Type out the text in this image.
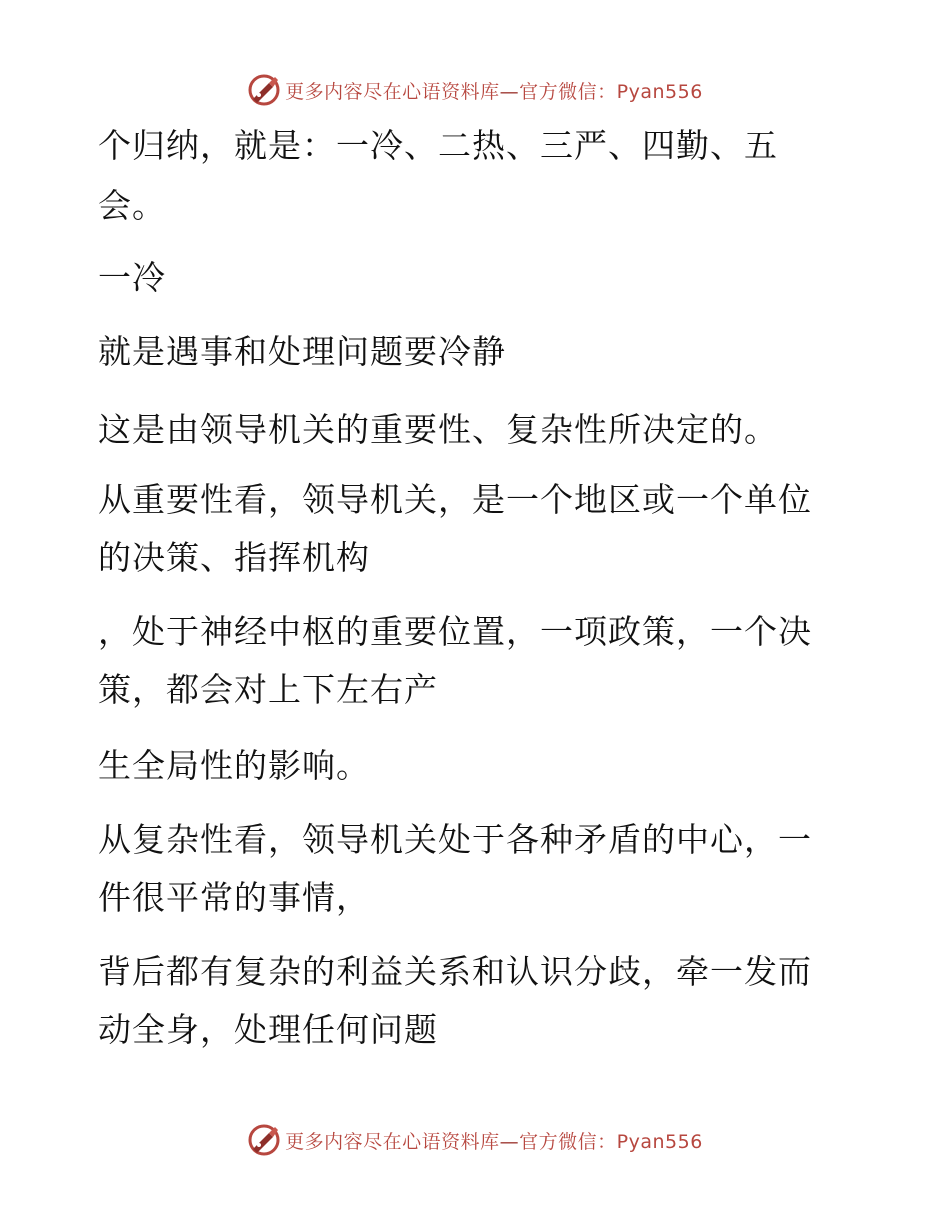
更多内容尽在心语资料库—官方微信：Pyan556
个归纳，就是：一冷、二热、三严、四勤、五
会。
一冷
就是遇事和处理问题要冷静
这是由领导机关的重要性、复杂性所决定的。
从重要性看，领导机关，是一个地区或一个单位
的决策、指挥机构
，处于神经中枢的重要位置，一项政策，一个决
策，都会对上下左右产
生全局性的影响。
从复杂性看，领导机关处于各种矛盾的中心，一
件很平常的事情，
背后都有复杂的利益关系和认识分歧，牵一发而
动全身，处理任何问题
更多内容尽在心语资料库—官方微信：Pyan556
